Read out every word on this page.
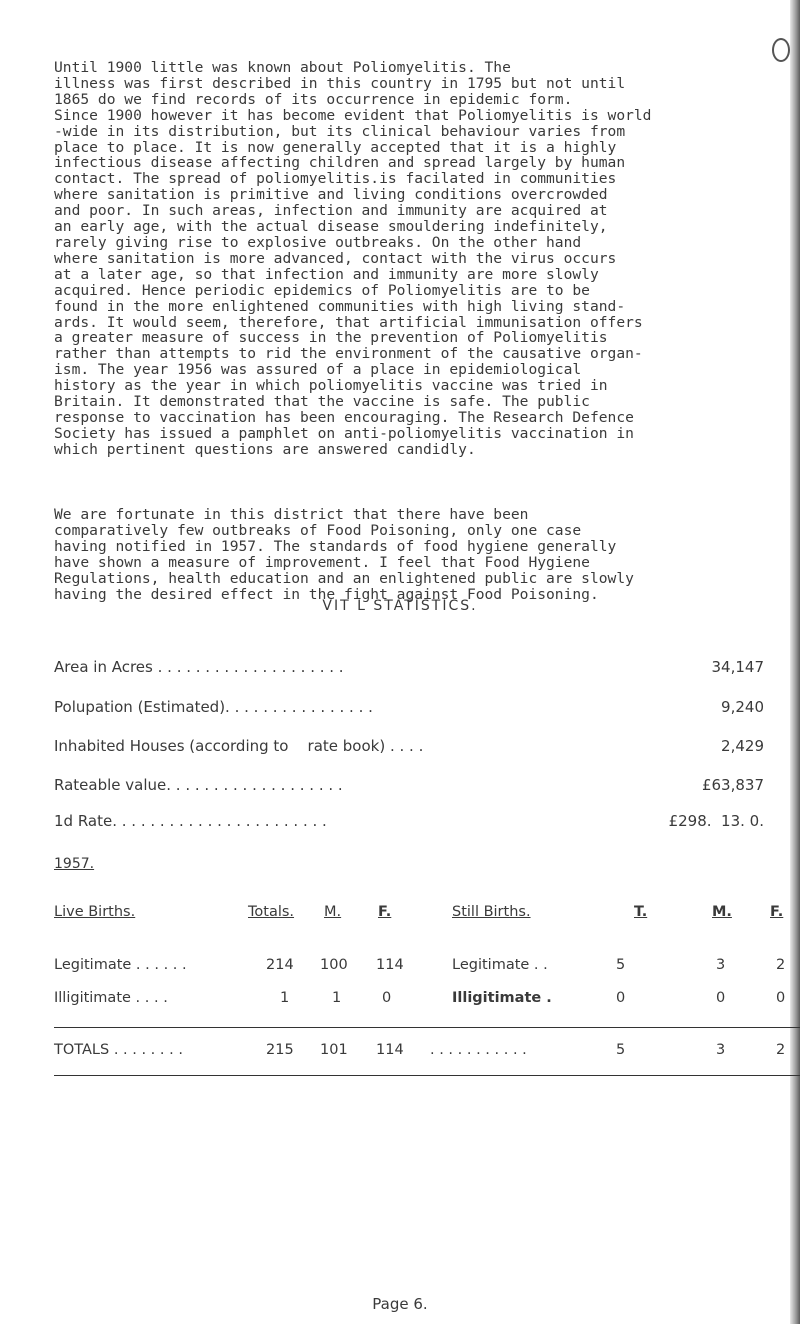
Until 1900 little was known about Poliomyelitis. The
illness was first described in this country in 1795 but not until
1865 do we find records of its occurrence in epidemic form.
Since 1900 however it has become evident that Poliomyelitis is world
-wide in its distribution, but its clinical behaviour varies from
place to place. It is now generally accepted that it is a highly
infectious disease affecting children and spread largely by human
contact. The spread of poliomyelitis.is facilated in communities
where sanitation is primitive and living conditions overcrowded
and poor. In such areas, infection and immunity are acquired at
an early age, with the actual disease smouldering indefinitely,
rarely giving rise to explosive outbreaks. On the other hand
where sanitation is more advanced, contact with the virus occurs
at a later age, so that infection and immunity are more slowly
acquired. Hence periodic epidemics of Poliomyelitis are to be
found in the more enlightened communities with high living stand-
ards. It would seem, therefore, that artificial immunisation offers
a greater measure of success in the prevention of Poliomyelitis
rather than attempts to rid the environment of the causative organ-
ism. The year 1956 was assured of a place in epidemiological
history as the year in which poliomyelitis vaccine was tried in
Britain. It demonstrated that the vaccine is safe. The public
response to vaccination has been encouraging. The Research Defence
Society has issued a pamphlet on anti-poliomyelitis vaccination in
which pertinent questions are answered candidly.
We are fortunate in this district that there have been
comparatively few outbreaks of Food Poisoning, only one case
having notified in 1957. The standards of food hygiene generally
have shown a measure of improvement. I feel that Food Hygiene
Regulations, health education and an enlightened public are slowly
having the desired effect in the fight against Food Poisoning.
VIT L STATISTICS.
Area in Acres . . . . . . . . . . . . . . . . . . . .	34,147
Polupation (Estimated). . . . . . . . . . . . . . . .	9,240
Inhabited Houses (according to    rate book) . . . .	2,429
Rateable value. . . . . . . . . . . . . . . . . . .	£63,837
1d Rate. . . . . . . . . . . . . . . . . . . . . . .	£298.  13. 0.
1957.
Live Births.	Totals. M.	F.	Still Births.	T.	M.	F.
Legitimate . . . . . .	214 100 114	Legitimate . .	5	3	2
Illigitimate . . . .	1	1	0	Illigitimate .	0	0	0
TOTALS . . . . . . . .	215 101 114 . . . . . . . . . . .	5	3	2
Page 6.
